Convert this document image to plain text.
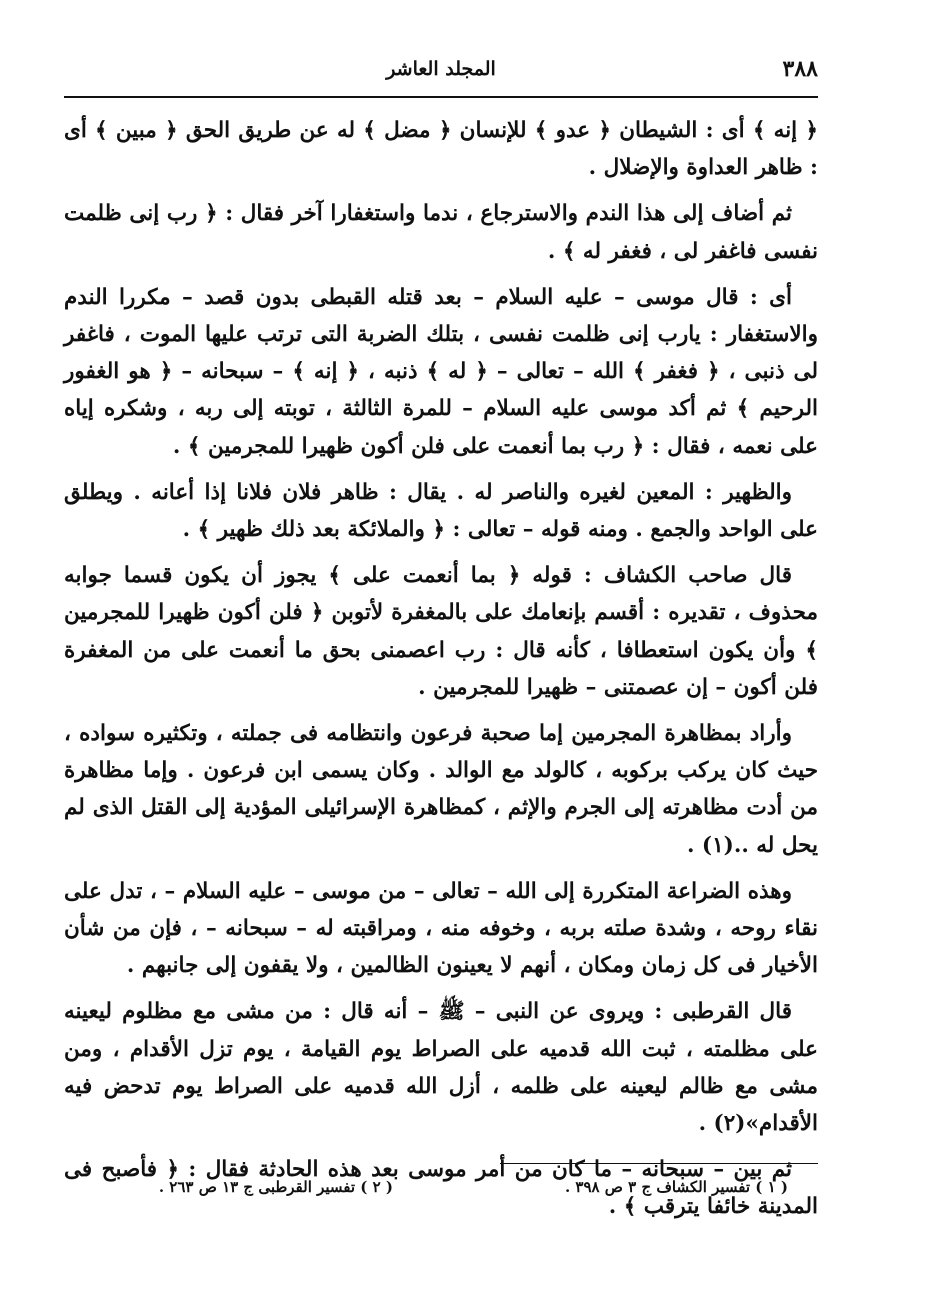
٣٨٨
المجلد العاشر

﴿ إنه ﴾ أى : الشيطان ﴿ عدو ﴾ للإنسان ﴿ مضل ﴾ له عن طريق الحق ﴿ مبين ﴾ أى : ظاهر العداوة والإضلال .

ثم أضاف إلى هذا الندم والاسترجاع ، ندما واستغفارا آخر فقال : ﴿ رب إنى ظلمت نفسى فاغفر لى ، فغفر له ﴾ .

أى : قال موسى – عليه السلام – بعد قتله القبطى بدون قصد – مكررا الندم والاستغفار : يارب إنى ظلمت نفسى ، بتلك الضربة التى ترتب عليها الموت ، فاغفر لى ذنبى ، ﴿ فغفر ﴾ الله – تعالى – ﴿ له ﴾ ذنبه ، ﴿ إنه ﴾ – سبحانه – ﴿ هو الغفور الرحيم ﴾ ثم أكد موسى عليه السلام – للمرة الثالثة ، توبته إلى ربه ، وشكره إياه على نعمه ، فقال : ﴿ رب بما أنعمت على فلن أكون ظهيرا للمجرمين ﴾ .

والظهير : المعين لغيره والناصر له . يقال : ظاهر فلان فلانا إذا أعانه . ويطلق على الواحد والجمع . ومنه قوله – تعالى : ﴿ والملائكة بعد ذلك ظهير ﴾ .

قال صاحب الكشاف : قوله ﴿ بما أنعمت على ﴾ يجوز أن يكون قسما جوابه محذوف ، تقديره : أقسم بإنعامك على بالمغفرة لأتوبن ﴿ فلن أكون ظهيرا للمجرمين ﴾ وأن يكون استعطافا ، كأنه قال : رب اعصمنى بحق ما أنعمت على من المغفرة فلن أكون – إن عصمتنى – ظهيرا للمجرمين .

وأراد بمظاهرة المجرمين إما صحبة فرعون وانتظامه فى جملته ، وتكثيره سواده ، حيث كان يركب بركوبه ، كالولد مع الوالد . وكان يسمى ابن فرعون . وإما مظاهرة من أدت مظاهرته إلى الجرم والإثم ، كمظاهرة الإسرائيلى المؤدية إلى القتل الذى لم يحل له ..(١) .

وهذه الضراعة المتكررة إلى الله – تعالى – من موسى – عليه السلام – ، تدل على نقاء روحه ، وشدة صلته بربه ، وخوفه منه ، ومراقبته له – سبحانه – ، فإن من شأن الأخيار فى كل زمان ومكان ، أنهم لا يعينون الظالمين ، ولا يقفون إلى جانبهم .

قال القرطبى : ويروى عن النبى – ﷺ – أنه قال : من مشى مع مظلوم ليعينه على مظلمته ، ثبت الله قدميه على الصراط يوم القيامة ، يوم تزل الأقدام ، ومن مشى مع ظالم ليعينه على ظلمه ، أزل الله قدميه على الصراط يوم تدحض فيه الأقدام»(٢) .

ثم بين – سبحانه – ما كان من أمر موسى بعد هذه الحادثة فقال : ﴿ فأصبح فى المدينة خائفا يترقب ﴾ .

( ١ ) تفسير الكشاف ج ٣ ص ٣٩٨ .
( ٢ ) تفسير القرطبى ج ١٣ ص ٢٦٣ .
